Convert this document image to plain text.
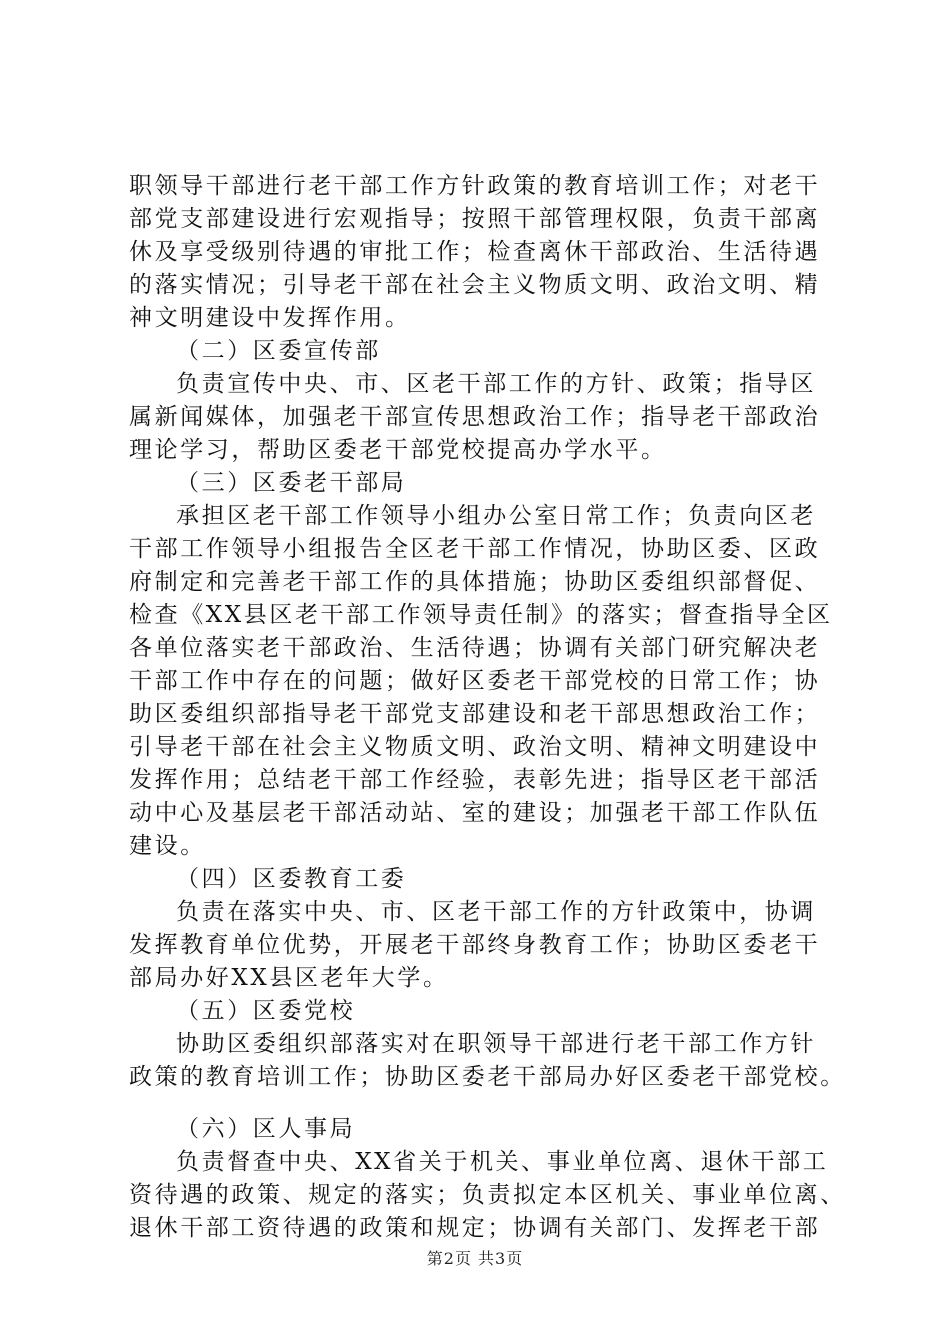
职领导干部进行老干部工作方针政策的教育培训工作；对老干
部党支部建设进行宏观指导；按照干部管理权限，负责干部离
休及享受级别待遇的审批工作；检查离休干部政治、生活待遇
的落实情况；引导老干部在社会主义物质文明、政治文明、精
神文明建设中发挥作用。
（二）区委宣传部
负责宣传中央、市、区老干部工作的方针、政策；指导区
属新闻媒体，加强老干部宣传思想政治工作；指导老干部政治
理论学习，帮助区委老干部党校提高办学水平。
（三）区委老干部局
承担区老干部工作领导小组办公室日常工作；负责向区老
干部工作领导小组报告全区老干部工作情况，协助区委、区政
府制定和完善老干部工作的具体措施；协助区委组织部督促、
检查《XX县区老干部工作领导责任制》的落实；督查指导全区
各单位落实老干部政治、生活待遇；协调有关部门研究解决老
干部工作中存在的问题；做好区委老干部党校的日常工作；协
助区委组织部指导老干部党支部建设和老干部思想政治工作；
引导老干部在社会主义物质文明、政治文明、精神文明建设中
发挥作用；总结老干部工作经验，表彰先进；指导区老干部活
动中心及基层老干部活动站、室的建设；加强老干部工作队伍
建设。
（四）区委教育工委
负责在落实中央、市、区老干部工作的方针政策中，协调
发挥教育单位优势，开展老干部终身教育工作；协助区委老干
部局办好XX县区老年大学。
（五）区委党校
协助区委组织部落实对在职领导干部进行老干部工作方针
政策的教育培训工作；协助区委老干部局办好区委老干部党校。
（六）区人事局
负责督查中央、XX省关于机关、事业单位离、退休干部工
资待遇的政策、规定的落实；负责拟定本区机关、事业单位离、
退休干部工资待遇的政策和规定；协调有关部门、发挥老干部
第2页 共3页
